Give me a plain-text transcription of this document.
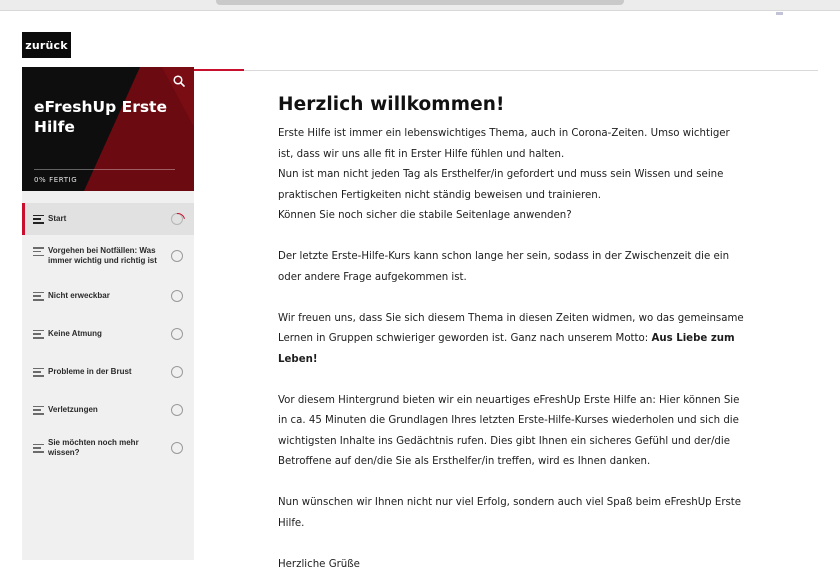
zurück
eFreshUp Erste Hilfe
0% FERTIG
Start
Vorgehen bei Notfällen: Was immer wichtig und richtig ist
Nicht erweckbar
Keine Atmung
Probleme in der Brust
Verletzungen
Sie möchten noch mehr wissen?
Herzlich willkommen!

Erste Hilfe ist immer ein lebenswichtiges Thema, auch in Corona-Zeiten. Umso wichtiger ist, dass wir uns alle fit in Erster Hilfe fühlen und halten.

Nun ist man nicht jeden Tag als Ersthelfer/in gefordert und muss sein Wissen und seine praktischen Fertigkeiten nicht ständig beweisen und trainieren.

Können Sie noch sicher die stabile Seitenlage anwenden?

Der letzte Erste-Hilfe-Kurs kann schon lange her sein, sodass in der Zwischenzeit die ein oder andere Frage aufgekommen ist.

Wir freuen uns, dass Sie sich diesem Thema in diesen Zeiten widmen, wo das gemeinsame Lernen in Gruppen schwieriger geworden ist. Ganz nach unserem Motto: Aus Liebe zum Leben!

Vor diesem Hintergrund bieten wir ein neuartiges eFreshUp Erste Hilfe an: Hier können Sie in ca. 45 Minuten die Grundlagen Ihres letzten Erste-Hilfe-Kurses wiederholen und sich die wichtigsten Inhalte ins Gedächtnis rufen. Dies gibt Ihnen ein sicheres Gefühl und der/die Betroffene auf den/die Sie als Ersthelfer/in treffen, wird es Ihnen danken.

Nun wünschen wir Ihnen nicht nur viel Erfolg, sondern auch viel Spaß beim eFreshUp Erste Hilfe.

Herzliche Grüße
